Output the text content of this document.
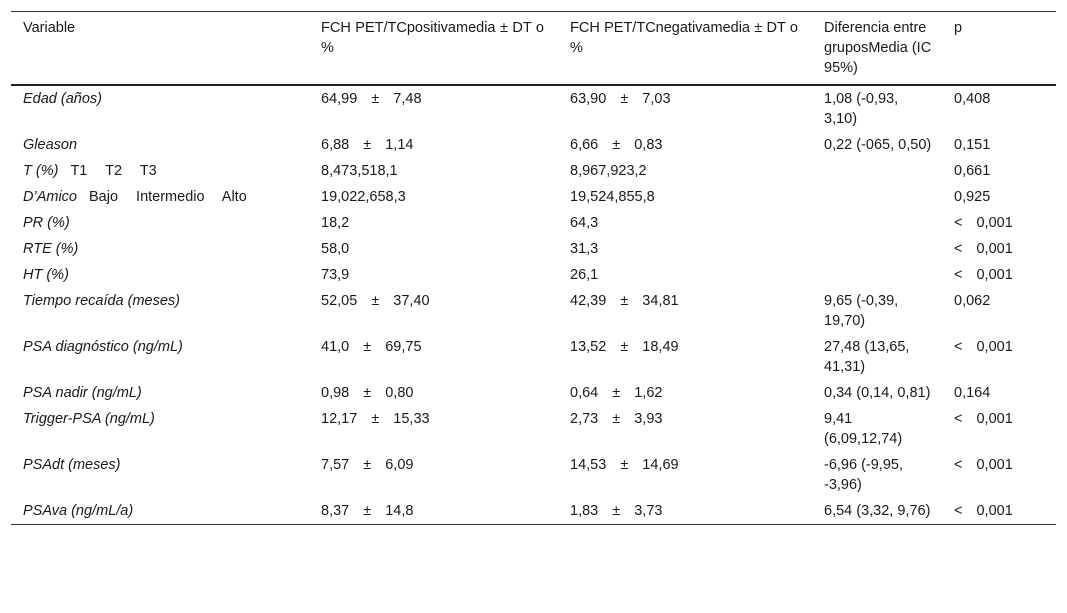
Variable	FCH PET/TCpositivamedia ± DT o %	FCH PET/TCnegativamedia ± DT o %	Diferencia entre gruposMedia (IC 95%)	p
Edad (años)	64,99 ± 7,48	63,90 ± 7,03	1,08 (-0,93, 3,10)	0,408
Gleason	6,88 ± 1,14	6,66 ± 0,83	0,22 (-065, 0,50)	0,151
T (%) T1 T2 T3	8,473,518,1	8,967,923,2		0,661
D’Amico Bajo Intermedio Alto	19,022,658,3	19,524,855,8		0,925
PR (%)	18,2	64,3		< 0,001
RTE (%)	58,0	31,3		< 0,001
HT (%)	73,9	26,1		< 0,001
Tiempo recaída (meses)	52,05 ± 37,40	42,39 ± 34,81	9,65 (-0,39, 19,70)	0,062
PSA diagnóstico (ng/mL)	41,0 ± 69,75	13,52 ± 18,49	27,48 (13,65, 41,31)	< 0,001
PSA nadir (ng/mL)	0,98 ± 0,80	0,64 ± 1,62	0,34 (0,14, 0,81)	0,164
Trigger-PSA (ng/mL)	12,17 ± 15,33	2,73 ± 3,93	9,41 (6,09,12,74)	< 0,001
PSAdt (meses)	7,57 ± 6,09	14,53 ± 14,69	-6,96 (-9,95, -3,96)	< 0,001
PSAva (ng/mL/a)	8,37 ± 14,8	1,83 ± 3,73	6,54 (3,32, 9,76)	< 0,001
